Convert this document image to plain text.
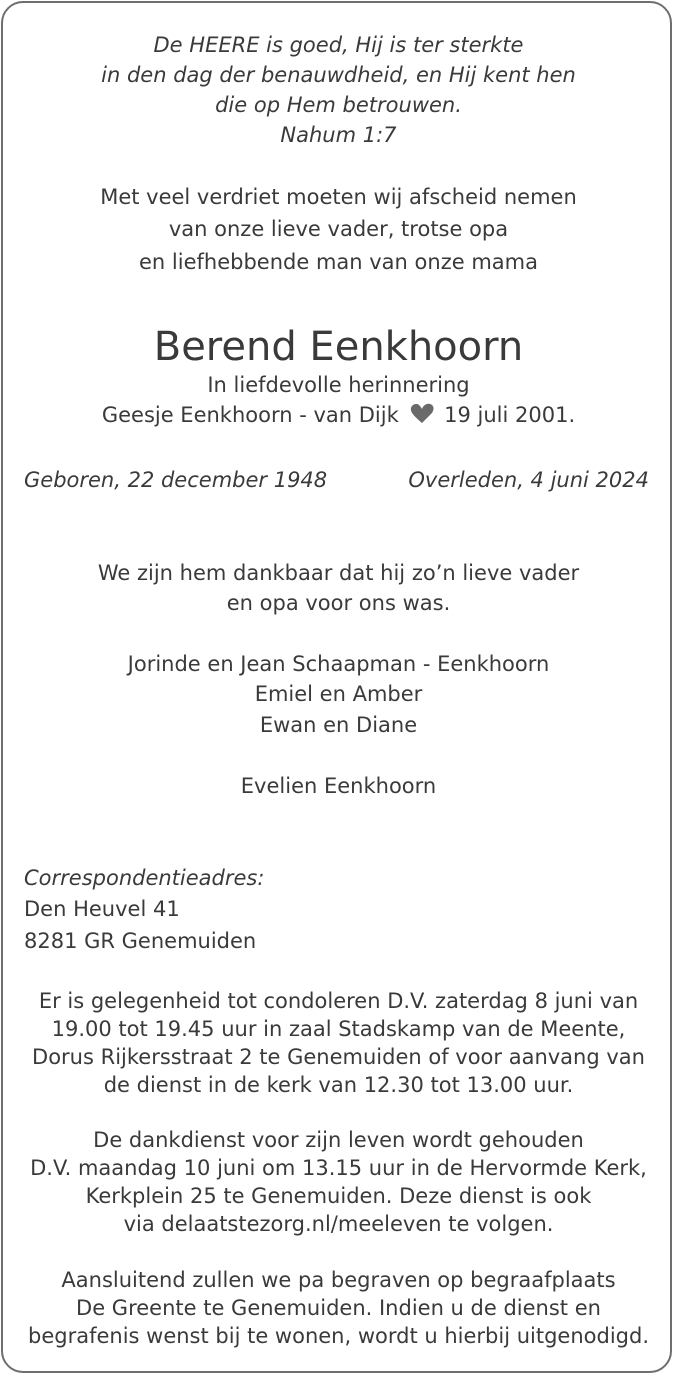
De HEERE is goed, Hij is ter sterkte
in den dag der benauwdheid, en Hij kent hen
die op Hem betrouwen.
Nahum 1:7
Met veel verdriet moeten wij afscheid nemen
van onze lieve vader, trotse opa
en liefhebbende man van onze mama
Berend Eenkhoorn
In liefdevolle herinnering
Geesje Eenkhoorn - van Dijk 19 juli 2001.
Geboren, 22 december 1948	Overleden, 4 juni 2024
We zijn hem dankbaar dat hij zo’n lieve vader
en opa voor ons was.
Jorinde en Jean Schaapman - Eenkhoorn
Emiel en Amber
Ewan en Diane
Evelien Eenkhoorn
Correspondentieadres:
Den Heuvel 41
8281 GR Genemuiden
Er is gelegenheid tot condoleren D.V. zaterdag 8 juni van
19.00 tot 19.45 uur in zaal Stadskamp van de Meente,
Dorus Rijkersstraat 2 te Genemuiden of voor aanvang van
de dienst in de kerk van 12.30 tot 13.00 uur.
De dankdienst voor zijn leven wordt gehouden
D.V. maandag 10 juni om 13.15 uur in de Hervormde Kerk,
Kerkplein 25 te Genemuiden. Deze dienst is ook
via delaatstezorg.nl/meeleven te volgen.
Aansluitend zullen we pa begraven op begraafplaats
De Greente te Genemuiden. Indien u de dienst en
begrafenis wenst bij te wonen, wordt u hierbij uitgenodigd.
